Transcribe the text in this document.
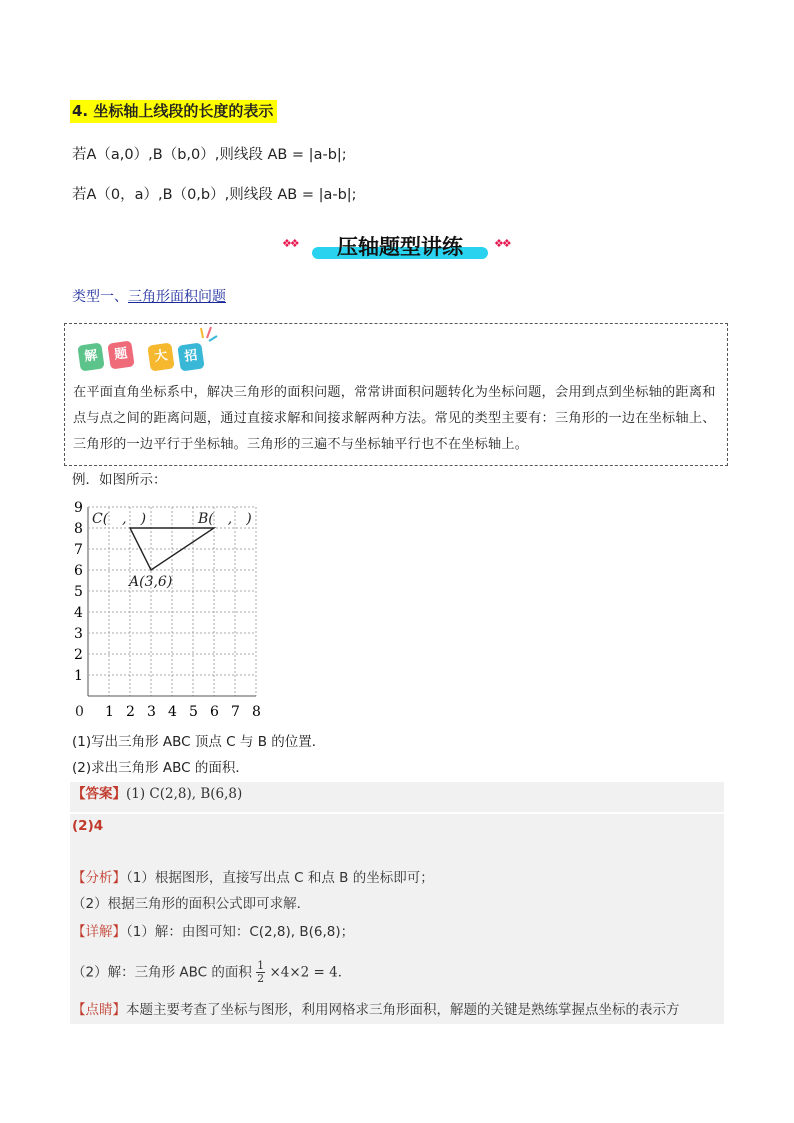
4. 坐标轴上线段的长度的表示
若A（a,0）,B（b,0）,则线段 AB = |a-b|;
若A（0，a）,B（0,b）,则线段 AB = |a-b|;
❖❖	压轴题型讲练	❖❖
类型一、三角形面积问题
解	题	大	招
在平面直角坐标系中，解决三角形的面积问题，常常讲面积问题转化为坐标问题，会用到点到坐标轴的距离和点与点之间的距离问题，通过直接求解和间接求解两种方法。常见的类型主要有：三角形的一边在坐标轴上、三角形的一边平行于坐标轴。三角形的三遍不与坐标轴平行也不在坐标轴上。
例．如图所示：
1
2
3
4
5
6
7
8
9
1 2 3 4 5 6 7 8
C(　,　)	B(　,　)
A(3,6)
0
(1)写出三角形 ABC 顶点 C 与 B 的位置．
(2)求出三角形 ABC 的面积．
【答案】(1) C(2,8), B(6,8)
(2)4
【分析】（1）根据图形，直接写出点 C 和点 B 的坐标即可；
（2）根据三角形的面积公式即可求解．
【详解】（1）解：由图可知：C(2,8), B(6,8)；
（2）解：三角形 ABC 的面积 $\frac{1}{2} \times 4\times 2 = 4$．
【点睛】本题主要考查了坐标与图形，利用网格求三角形面积，解题的关键是熟练掌握点坐标的表示方
